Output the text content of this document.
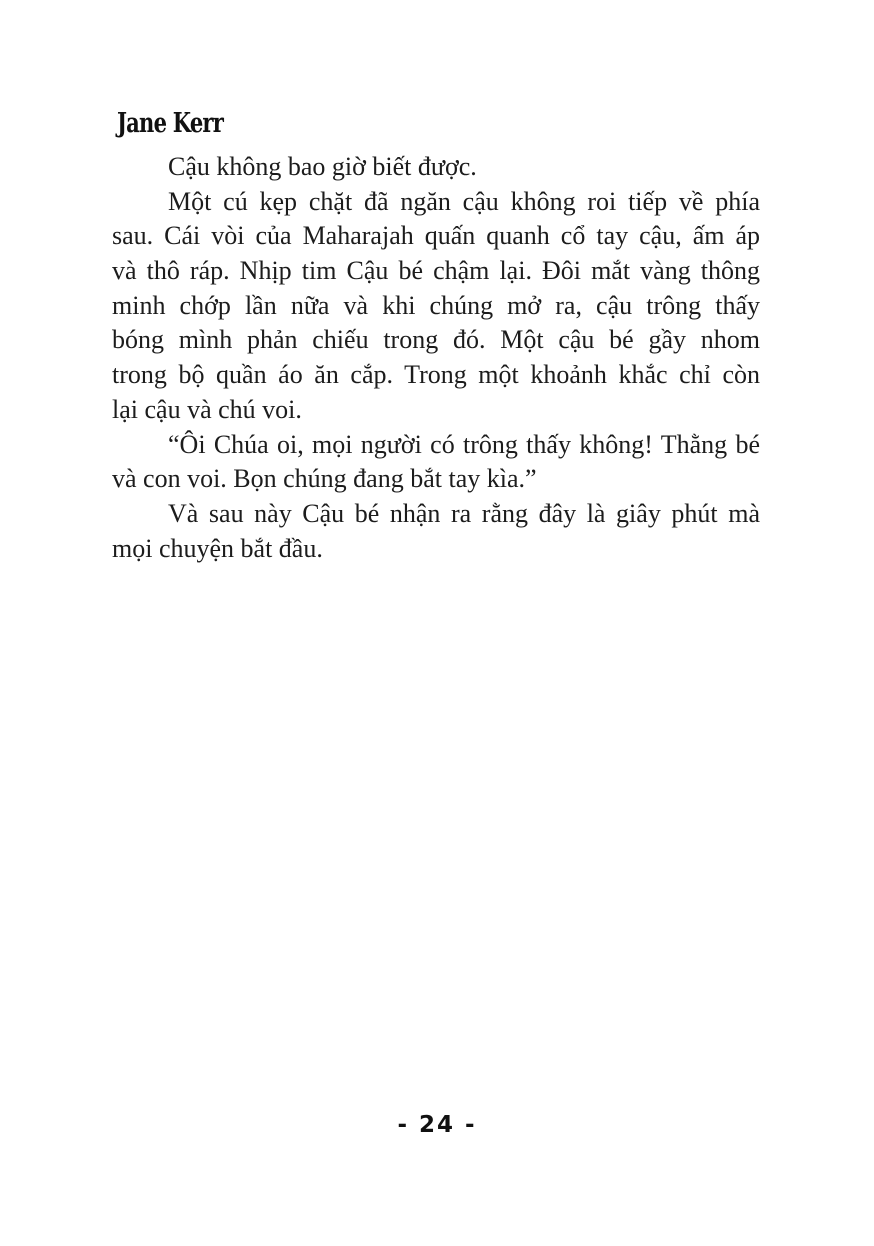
Jane Kerr
Cậu không bao giờ biết được.
Một cú kẹp chặt đã ngăn cậu không roi tiếp về phía
sau. Cái vòi của Maharajah quấn quanh cổ tay cậu, ấm áp
và thô ráp. Nhịp tim Cậu bé chậm lại. Đôi mắt vàng thông
minh chớp lần nữa và khi chúng mở ra, cậu trông thấy
bóng mình phản chiếu trong đó. Một cậu bé gầy nhom
trong bộ quần áo ăn cắp. Trong một khoảnh khắc chỉ còn
lại cậu và chú voi.
“Ôi Chúa oi, mọi người có trông thấy không! Thằng bé
và con voi. Bọn chúng đang bắt tay kìa.”
Và sau này Cậu bé nhận ra rằng đây là giây phút mà
mọi chuyện bắt đầu.
- 24 -
